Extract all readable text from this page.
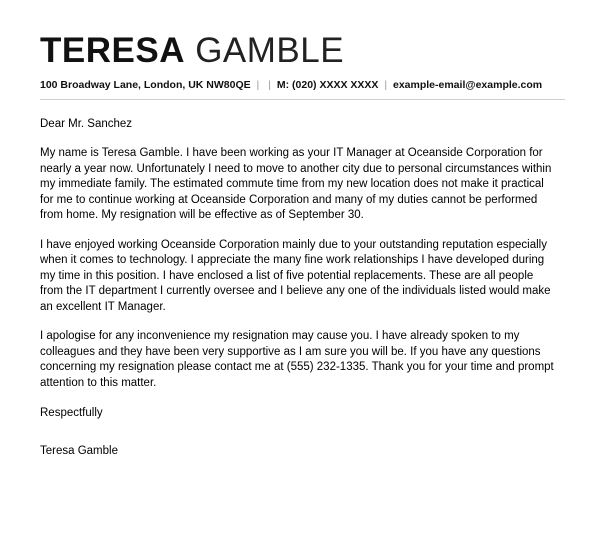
TERESA GAMBLE
100 Broadway Lane, London, UK NW80QE | | M: (020) XXXX XXXX | example-email@example.com
Dear Mr. Sanchez
My name is Teresa Gamble. I have been working as your IT Manager at Oceanside Corporation for nearly a year now. Unfortunately I need to move to another city due to personal circumstances within my immediate family. The estimated commute time from my new location does not make it practical for me to continue working at Oceanside Corporation and many of my duties cannot be performed from home. My resignation will be effective as of September 30.
I have enjoyed working Oceanside Corporation mainly due to your outstanding reputation especially when it comes to technology. I appreciate the many fine work relationships I have developed during my time in this position. I have enclosed a list of five potential replacements. These are all people from the IT department I currently oversee and I believe any one of the individuals listed would make an excellent IT Manager.
I apologise for any inconvenience my resignation may cause you. I have already spoken to my colleagues and they have been very supportive as I am sure you will be. If you have any questions concerning my resignation please contact me at (555) 232-1335. Thank you for your time and prompt attention to this matter.
Respectfully
Teresa Gamble
